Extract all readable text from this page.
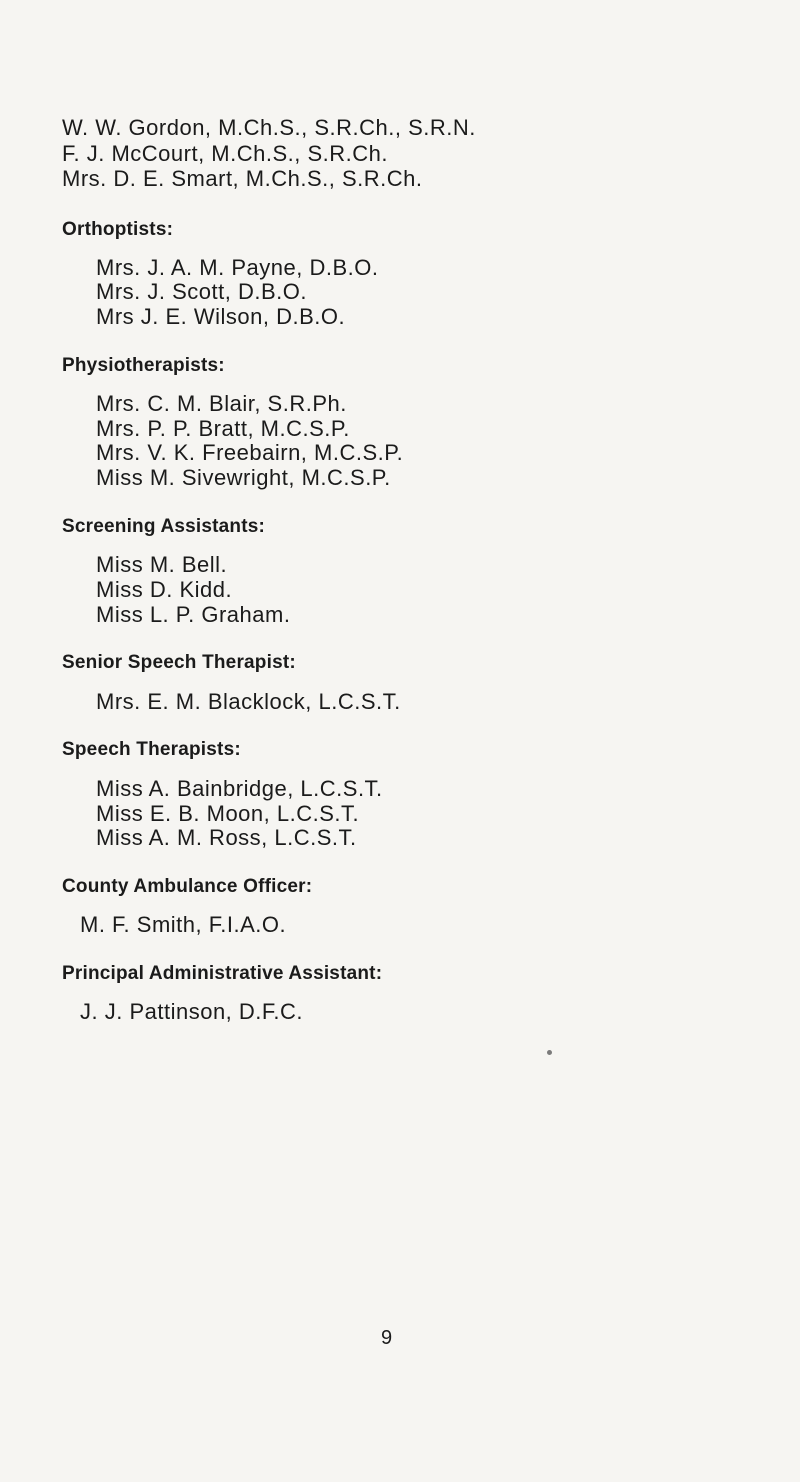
W. W. Gordon, M.Ch.S., S.R.Ch., S.R.N.
F. J. McCourt, M.Ch.S., S.R.Ch.
Mrs. D. E. Smart, M.Ch.S., S.R.Ch.
Orthoptists:
Mrs. J. A. M. Payne, D.B.O.
Mrs. J. Scott, D.B.O.
Mrs J. E. Wilson, D.B.O.
Physiotherapists:
Mrs. C. M. Blair, S.R.Ph.
Mrs. P. P. Bratt, M.C.S.P.
Mrs. V. K. Freebairn, M.C.S.P.
Miss M. Sivewright, M.C.S.P.
Screening Assistants:
Miss M. Bell.
Miss D. Kidd.
Miss L. P. Graham.
Senior Speech Therapist:
Mrs. E. M. Blacklock, L.C.S.T.
Speech Therapists:
Miss A. Bainbridge, L.C.S.T.
Miss E. B. Moon, L.C.S.T.
Miss A. M. Ross, L.C.S.T.
County Ambulance Officer:
M. F. Smith, F.I.A.O.
Principal Administrative Assistant:
J. J. Pattinson, D.F.C.
9
